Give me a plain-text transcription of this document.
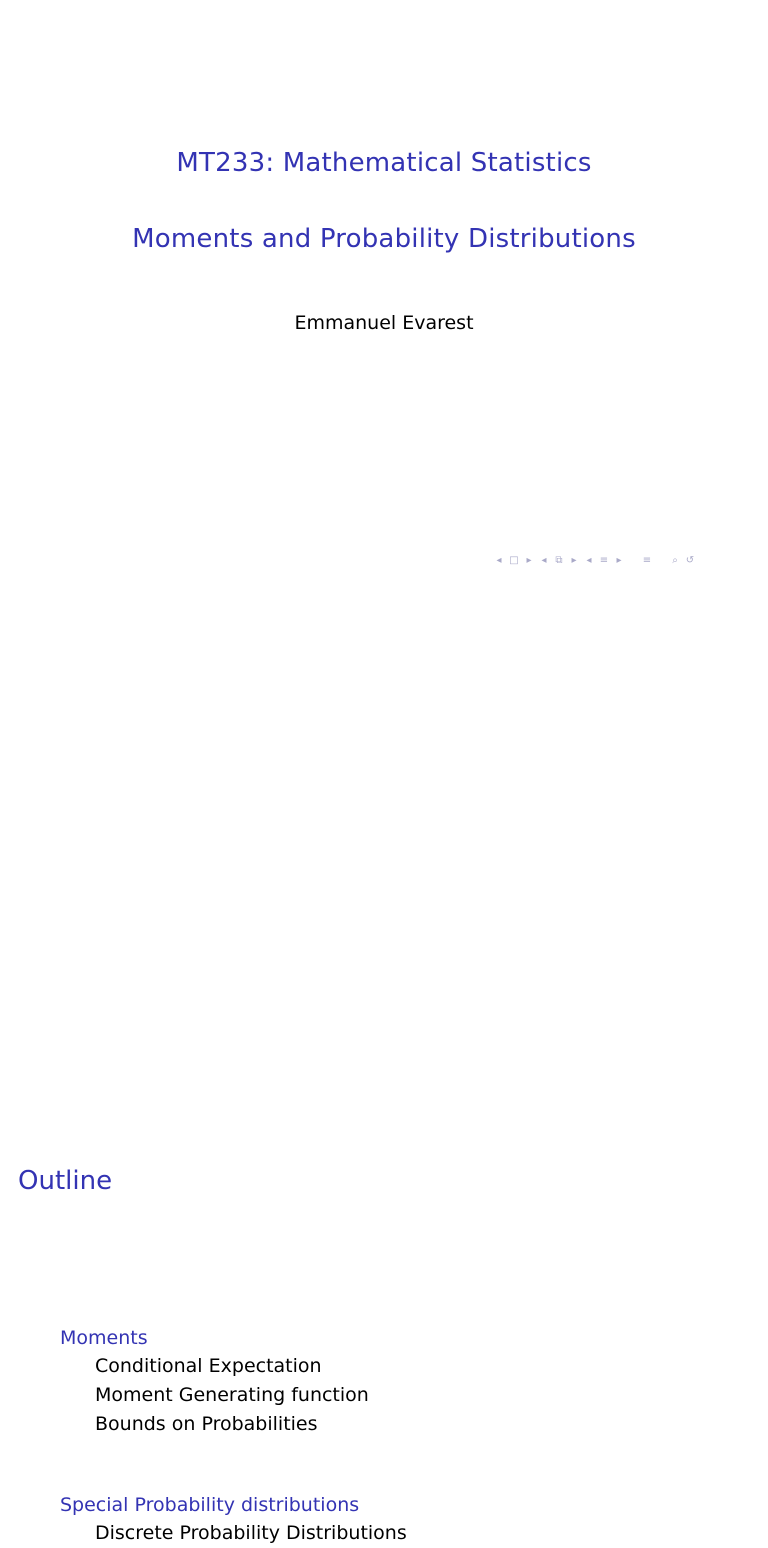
MT233: Mathematical Statistics
Moments and Probability Distributions
Emmanuel Evarest
◂ □ ▸ ◂ ⧉ ▸ ◂ ≡ ▸	≡	⌕ ↺
Outline
Moments
Conditional Expectation
Moment Generating function
Bounds on Probabilities
Special Probability distributions
Discrete Probability Distributions
